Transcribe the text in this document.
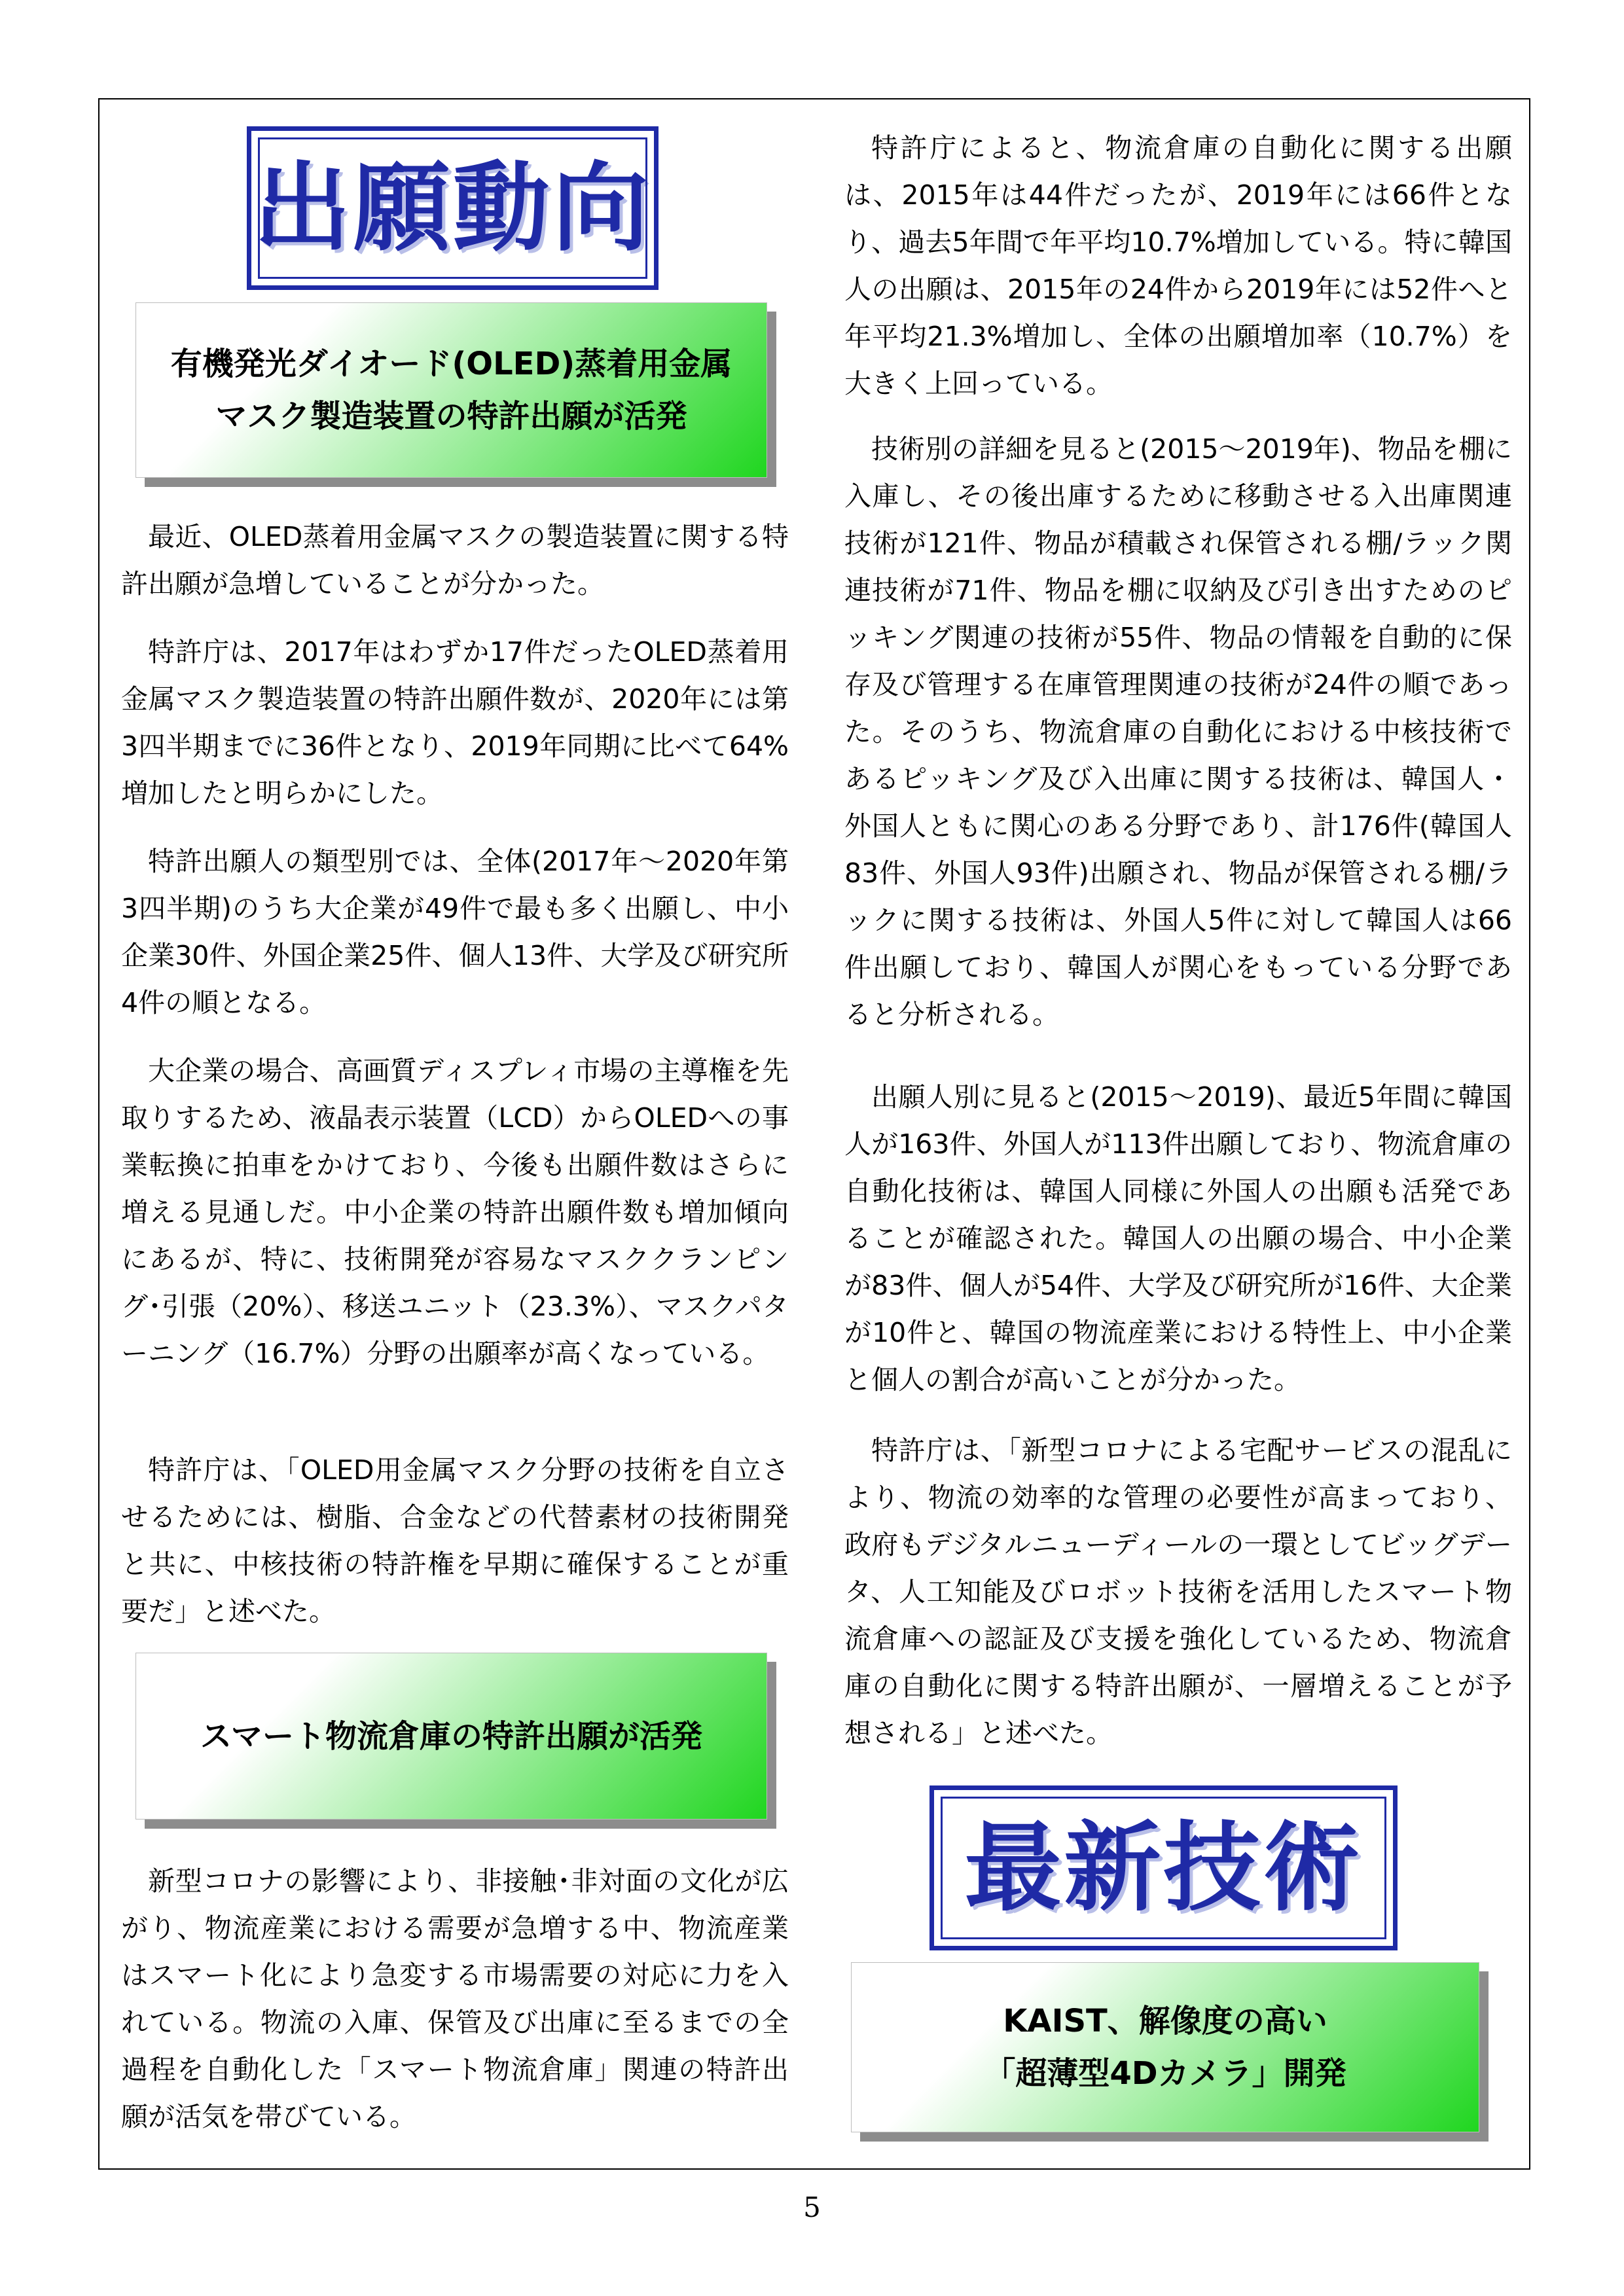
出願動向
有機発光ダイオード(OLED)蒸着用金属
マスク製造装置の特許出願が活発

最近、OLED蒸着用金属マスクの製造装置に関する特許出願が急増していることが分かった。

特許庁は、2017年はわずか17件だったOLED蒸着用金属マスク製造装置の特許出願件数が、2020年には第3四半期までに36件となり、2019年同期に比べて64%増加したと明らかにした。

特許出願人の類型別では、全体(2017年～2020年第3四半期)のうち大企業が49件で最も多く出願し、中小企業30件、外国企業25件、個人13件、大学及び研究所4件の順となる。

大企業の場合、高画質ディスプレィ市場の主導権を先取りするため、液晶表示装置（LCD）からOLEDへの事業転換に拍車をかけており、今後も出願件数はさらに増える見通しだ。中小企業の特許出願件数も増加傾向にあるが、特に、技術開発が容易なマスククランピング･引張（20%）、移送ユニット（23.3%）、マスクパターニング（16.7%）分野の出願率が高くなっている。

特許庁は、「OLED用金属マスク分野の技術を自立させるためには、樹脂、合金などの代替素材の技術開発と共に、中核技術の特許権を早期に確保することが重要だ」と述べた。

スマート物流倉庫の特許出願が活発

新型コロナの影響により、非接触･非対面の文化が広がり、物流産業における需要が急増する中、物流産業はスマート化により急変する市場需要の対応に力を入れている。物流の入庫、保管及び出庫に至るまでの全過程を自動化した「スマート物流倉庫」関連の特許出願が活気を帯びている。

特許庁によると、物流倉庫の自動化に関する出願は、2015年は44件だったが、2019年には66件となり、過去5年間で年平均10.7%増加している。特に韓国人の出願は、2015年の24件から2019年には52件へと年平均21.3%増加し、全体の出願増加率（10.7%）を大きく上回っている。

技術別の詳細を見ると(2015～2019年)、物品を棚に入庫し、その後出庫するために移動させる入出庫関連技術が121件、物品が積載され保管される棚/ラック関連技術が71件、物品を棚に収納及び引き出すためのピッキング関連の技術が55件、物品の情報を自動的に保存及び管理する在庫管理関連の技術が24件の順であった。そのうち、物流倉庫の自動化における中核技術であるピッキング及び入出庫に関する技術は、韓国人・外国人ともに関心のある分野であり、計176件(韓国人83件、外国人93件)出願され、物品が保管される棚/ラックに関する技術は、外国人5件に対して韓国人は66件出願しており、韓国人が関心をもっている分野であると分析される。

出願人別に見ると(2015～2019)、最近5年間に韓国人が163件、外国人が113件出願しており、物流倉庫の自動化技術は、韓国人同様に外国人の出願も活発であることが確認された。韓国人の出願の場合、中小企業が83件、個人が54件、大学及び研究所が16件、大企業が10件と、韓国の物流産業における特性上、中小企業と個人の割合が高いことが分かった。

特許庁は、「新型コロナによる宅配サービスの混乱により、物流の効率的な管理の必要性が高まっており、政府もデジタルニューディールの一環としてビッグデータ、人工知能及びロボット技術を活用したスマート物流倉庫への認証及び支援を強化しているため、物流倉庫の自動化に関する特許出願が、一層増えることが予想される」と述べた。

最新技術
KAIST、解像度の高い
「超薄型4Dカメラ」開発
5
